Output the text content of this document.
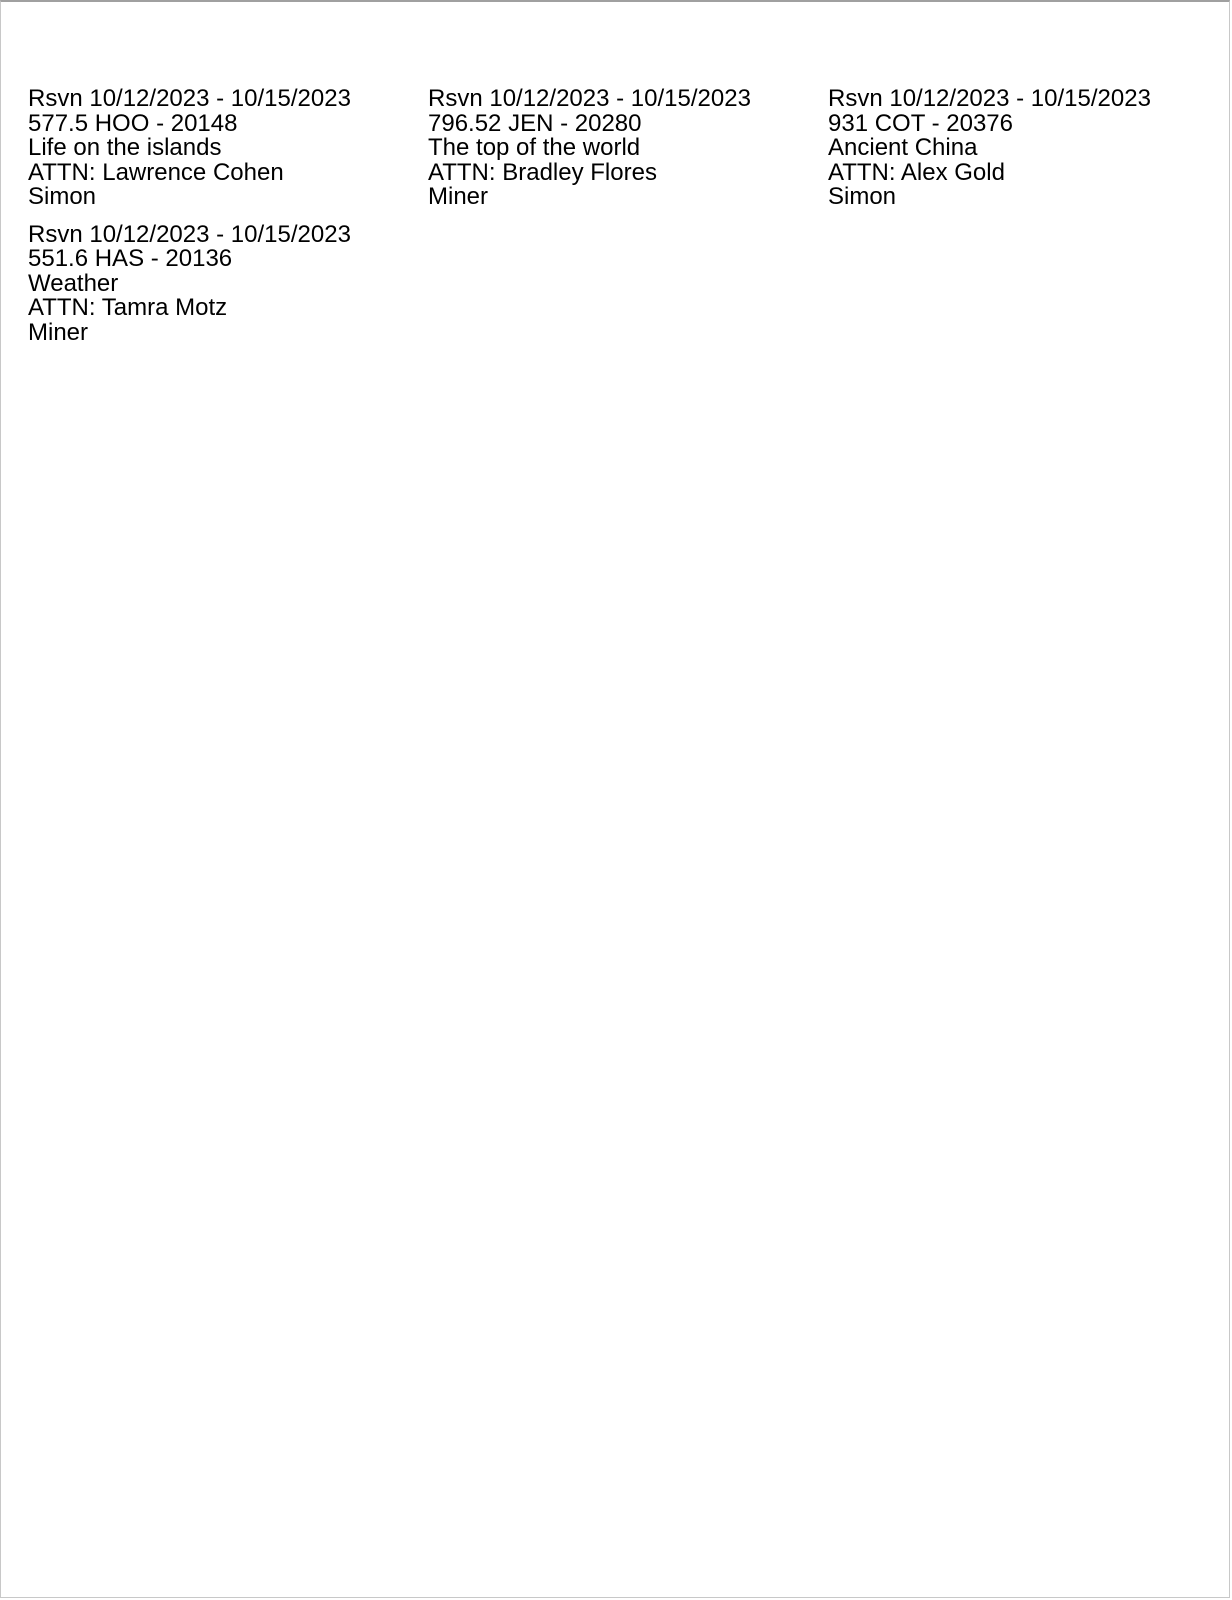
Rsvn 10/12/2023 - 10/15/2023
577.5 HOO - 20148
Life on the islands
ATTN: Lawrence Cohen
Simon
Rsvn 10/12/2023 - 10/15/2023
796.52 JEN - 20280
The top of the world
ATTN: Bradley Flores
Miner
Rsvn 10/12/2023 - 10/15/2023
931 COT - 20376
Ancient China
ATTN: Alex Gold
Simon
Rsvn 10/12/2023 - 10/15/2023
551.6 HAS - 20136
Weather
ATTN: Tamra Motz
Miner
